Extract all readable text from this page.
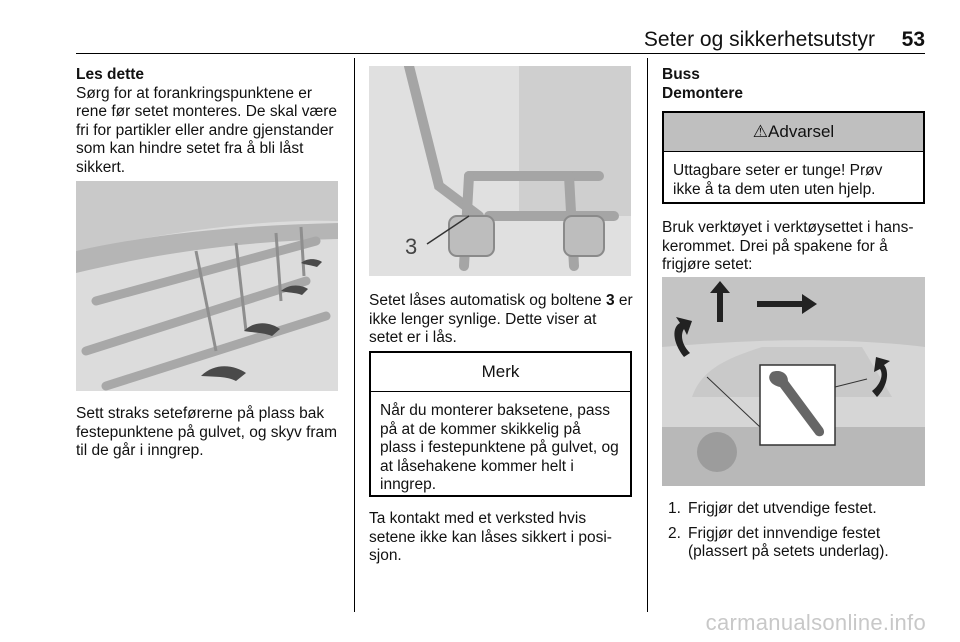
Seter og sikkerhetsutstyr 53

Les dette

Sørg for at forankringspunktene er rene før setet monteres. De skal være fri for partikler eller andre gjenstander som kan hindre setet fra å bli låst sikkert.

Sett straks seteførerne på plass bak festepunktene på gulvet, og skyv fram til de går i inngrep.

3

Setet låses automatisk og boltene 3 er ikke lenger synlige. Dette viser at setet er i lås.

Merk
Når du monterer baksetene, pass på at de kommer skikkelig på plass i festepunktene på gulvet, og at låsehakene kommer helt i inngrep.

Ta kontakt med et verksted hvis setene ikke kan låses sikkert i posisjon.

Buss

Demontere

⚠Advarsel
Uttagbare seter er tunge! Prøv ikke å ta dem uten uten hjelp.

Bruk verktøyet i verktøysettet i hanskerommet. Drei på spakene for å frigjøre setet:

1. Frigjør det utvendige festet.
2. Frigjør det innvendige festet (plassert på setets underlag).
carmanualsonline.info
